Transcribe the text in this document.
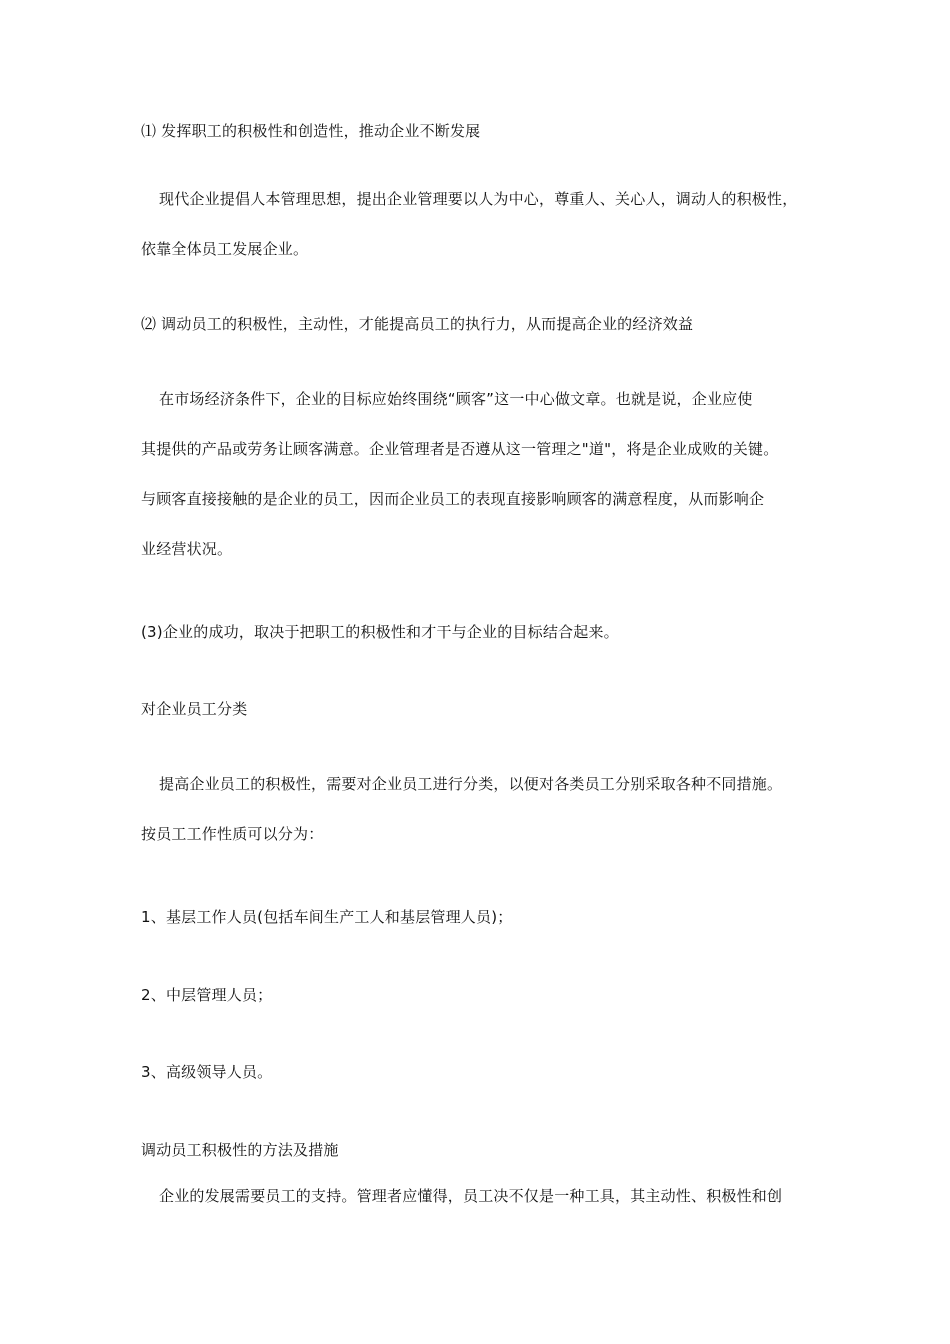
⑴ 发挥职工的积极性和创造性，推动企业不断发展
现代企业提倡人本管理思想，提出企业管理要以人为中心，尊重人、关心人，调动人的积极性，
依靠全体员工发展企业。
⑵ 调动员工的积极性，主动性，才能提高员工的执行力，从而提高企业的经济效益
在市场经济条件下，企业的目标应始终围绕“顾客”这一中心做文章。也就是说，企业应使
其提供的产品或劳务让顾客满意。企业管理者是否遵从这一管理之"道"，将是企业成败的关键。
与顾客直接接触的是企业的员工，因而企业员工的表现直接影响顾客的满意程度，从而影响企
业经营状况。
(3)企业的成功，取决于把职工的积极性和才干与企业的目标结合起来。
对企业员工分类
提高企业员工的积极性，需要对企业员工进行分类，以便对各类员工分别采取各种不同措施。
按员工工作性质可以分为：
1、基层工作人员(包括车间生产工人和基层管理人员)；
2、中层管理人员；
3、高级领导人员。
调动员工积极性的方法及措施
企业的发展需要员工的支持。管理者应懂得，员工决不仅是一种工具，其主动性、积极性和创
